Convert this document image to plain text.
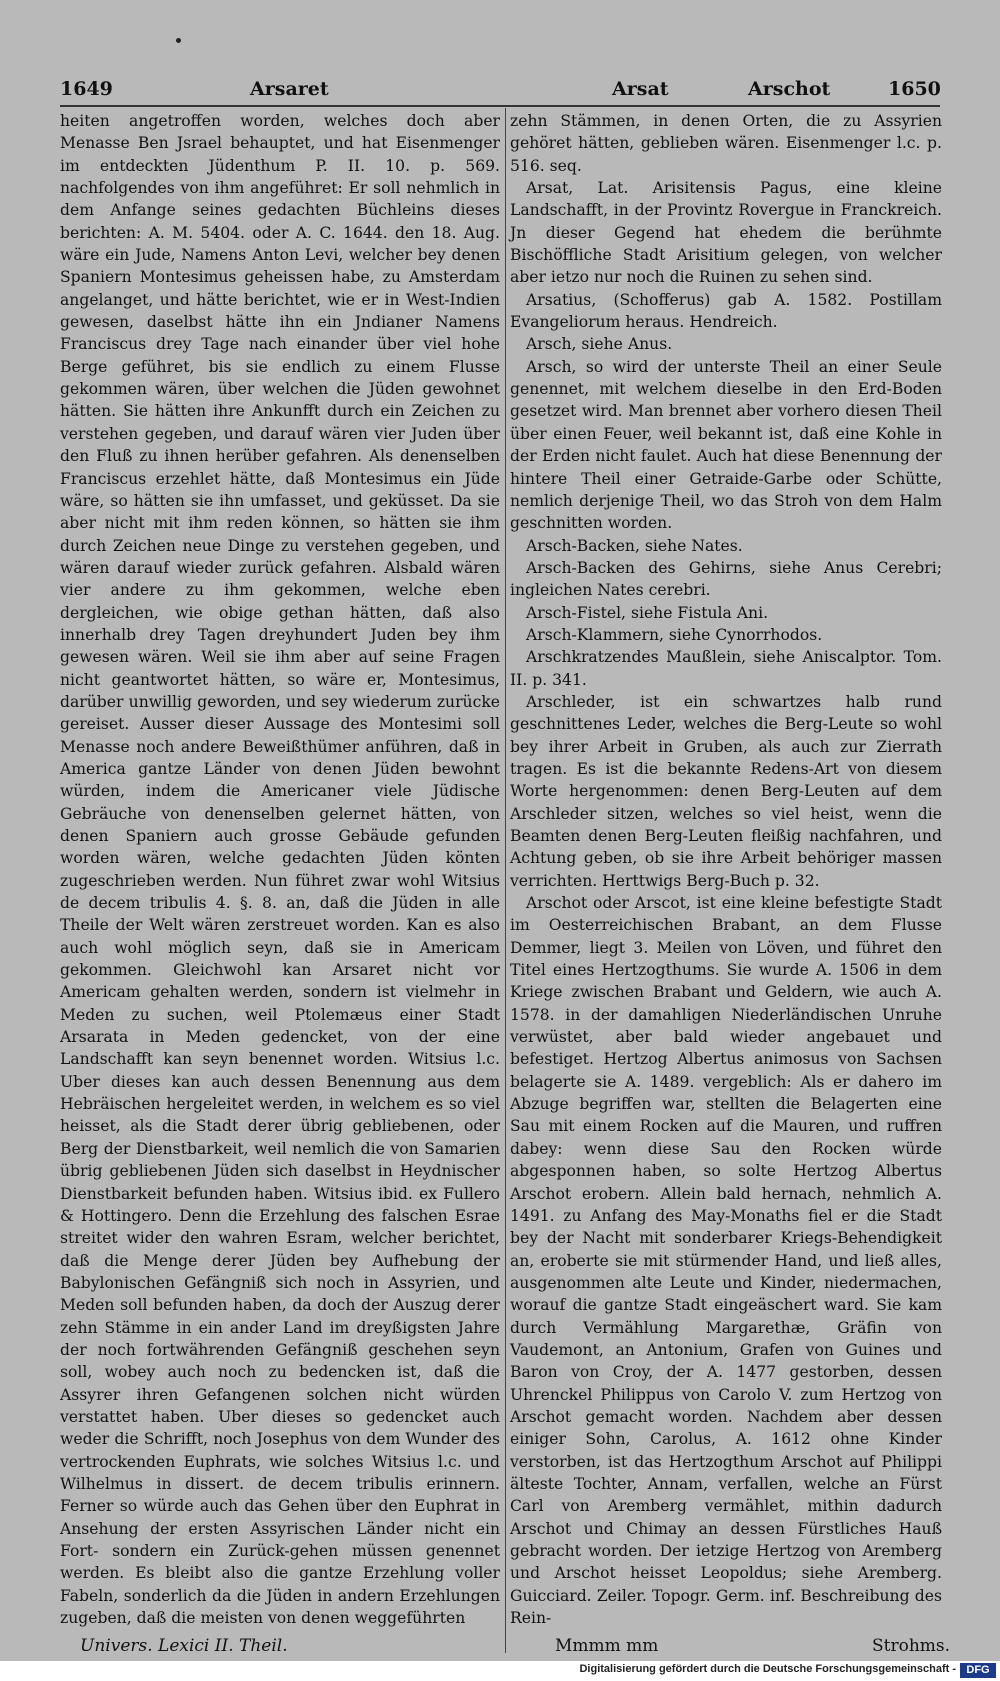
1649	Arsaret	Arsat	Arschot	1650

heiten angetroffen worden, welches doch aber Menasse Ben Jsrael behauptet, und hat Eisenmenger im entdeckten Jüdenthum P. II. 10. p. 569. nachfolgendes von ihm angeführet: Er soll nehmlich in dem Anfange seines gedachten Büchleins dieses berichten: A. M. 5404. oder A. C. 1644. den 18. Aug. wäre ein Jude, Namens Anton Levi, welcher bey denen Spaniern Montesimus geheissen habe, zu Amsterdam angelanget, und hätte berichtet, wie er in West-Indien gewesen, daselbst hätte ihn ein Jndianer Namens Franciscus drey Tage nach einander über viel hohe Berge geführet, bis sie endlich zu einem Flusse gekommen wären, über welchen die Jüden gewohnet hätten. Sie hätten ihre Ankunfft durch ein Zeichen zu verstehen gegeben, und darauf wären vier Juden über den Fluß zu ihnen herüber gefahren. Als denenselben Franciscus erzehlet hätte, daß Montesimus ein Jüde wäre, so hätten sie ihn umfasset, und geküsset. Da sie aber nicht mit ihm reden können, so hätten sie ihm durch Zeichen neue Dinge zu verstehen gegeben, und wären darauf wieder zurück gefahren. Alsbald wären vier andere zu ihm gekommen, welche eben dergleichen, wie obige gethan hätten, daß also innerhalb drey Tagen dreyhundert Juden bey ihm gewesen wären. Weil sie ihm aber auf seine Fragen nicht geantwortet hätten, so wäre er, Montesimus, darüber unwillig geworden, und sey wiederum zurücke gereiset. Ausser dieser Aussage des Montesimi soll Menasse noch andere Beweißthümer anführen, daß in America gantze Länder von denen Jüden bewohnt würden, indem die Americaner viele Jüdische Gebräuche von denenselben gelernet hätten, von denen Spaniern auch grosse Gebäude gefunden worden wären, welche gedachten Jüden könten zugeschrieben werden. Nun führet zwar wohl Witsius de decem tribulis 4. §. 8. an, daß die Jüden in alle Theile der Welt wären zerstreuet worden. Kan es also auch wohl möglich seyn, daß sie in Americam gekommen. Gleichwohl kan Arsaret nicht vor Americam gehalten werden, sondern ist vielmehr in Meden zu suchen, weil Ptolemæus einer Stadt Arsarata in Meden gedencket, von der eine Landschafft kan seyn benennet worden. Witsius l.c. Uber dieses kan auch dessen Benennung aus dem Hebräischen hergeleitet werden, in welchem es so viel heisset, als die Stadt derer übrig gebliebenen, oder Berg der Dienstbarkeit, weil nemlich die von Samarien übrig gebliebenen Jüden sich daselbst in Heydnischer Dienstbarkeit befunden haben. Witsius ibid. ex Fullero & Hottingero. Denn die Erzehlung des falschen Esrae streitet wider den wahren Esram, welcher berichtet, daß die Menge derer Jüden bey Aufhebung der Babylonischen Gefängniß sich noch in Assyrien, und Meden soll befunden haben, da doch der Auszug derer zehn Stämme in ein ander Land im dreyßigsten Jahre der noch fortwährenden Gefängniß geschehen seyn soll, wobey auch noch zu bedencken ist, daß die Assyrer ihren Gefangenen solchen nicht würden verstattet haben. Uber dieses so gedencket auch weder die Schrifft, noch Josephus von dem Wunder des vertrockenden Euphrats, wie solches Witsius l.c. und Wilhelmus in dissert. de decem tribulis erinnern. Ferner so würde auch das Gehen über den Euphrat in Ansehung der ersten Assyrischen Länder nicht ein Fort- sondern ein Zurück-gehen müssen genennet werden. Es bleibt also die gantze Erzehlung voller Fabeln, sonderlich da die Jüden in andern Erzehlungen zugeben, daß die meisten von denen weggeführten

zehn Stämmen, in denen Orten, die zu Assyrien gehöret hätten, geblieben wären. Eisenmenger l.c. p. 516. seq.

Arsat, Lat. Arisitensis Pagus, eine kleine Landschafft, in der Provintz Rovergue in Franckreich. Jn dieser Gegend hat ehedem die berühmte Bischöffliche Stadt Arisitium gelegen, von welcher aber ietzo nur noch die Ruinen zu sehen sind.

Arsatius, (Schofferus) gab A. 1582. Postillam Evangeliorum heraus. Hendreich.

Arsch, siehe Anus.

Arsch, so wird der unterste Theil an einer Seule genennet, mit welchem dieselbe in den Erd-Boden gesetzet wird. Man brennet aber vorhero diesen Theil über einen Feuer, weil bekannt ist, daß eine Kohle in der Erden nicht faulet. Auch hat diese Benennung der hintere Theil einer Getraide-Garbe oder Schütte, nemlich derjenige Theil, wo das Stroh von dem Halm geschnitten worden.

Arsch-Backen, siehe Nates.

Arsch-Backen des Gehirns, siehe Anus Cerebri; ingleichen Nates cerebri.

Arsch-Fistel, siehe Fistula Ani.

Arsch-Klammern, siehe Cynorrhodos.

Arschkratzendes Maußlein, siehe Aniscalptor. Tom. II. p. 341.

Arschleder, ist ein schwartzes halb rund geschnittenes Leder, welches die Berg-Leute so wohl bey ihrer Arbeit in Gruben, als auch zur Zierrath tragen. Es ist die bekannte Redens-Art von diesem Worte hergenommen: denen Berg-Leuten auf dem Arschleder sitzen, welches so viel heist, wenn die Beamten denen Berg-Leuten fleißig nachfahren, und Achtung geben, ob sie ihre Arbeit behöriger massen verrichten. Herttwigs Berg-Buch p. 32.

Arschot oder Arscot, ist eine kleine befestigte Stadt im Oesterreichischen Brabant, an dem Flusse Demmer, liegt 3. Meilen von Löven, und führet den Titel eines Hertzogthums. Sie wurde A. 1506 in dem Kriege zwischen Brabant und Geldern, wie auch A. 1578. in der damahligen Niederländischen Unruhe verwüstet, aber bald wieder angebauet und befestiget. Hertzog Albertus animosus von Sachsen belagerte sie A. 1489. vergeblich: Als er dahero im Abzuge begriffen war, stellten die Belagerten eine Sau mit einem Rocken auf die Mauren, und ruffren dabey: wenn diese Sau den Rocken würde abgesponnen haben, so solte Hertzog Albertus Arschot erobern. Allein bald hernach, nehmlich A. 1491. zu Anfang des May-Monaths fiel er die Stadt bey der Nacht mit sonderbarer Kriegs-Behendigkeit an, eroberte sie mit stürmender Hand, und ließ alles, ausgenommen alte Leute und Kinder, niedermachen, worauf die gantze Stadt eingeäschert ward. Sie kam durch Vermählung Margarethæ, Gräfin von Vaudemont, an Antonium, Grafen von Guines und Baron von Croy, der A. 1477 gestorben, dessen Uhrenckel Philippus von Carolo V. zum Hertzog von Arschot gemacht worden. Nachdem aber dessen einiger Sohn, Carolus, A. 1612 ohne Kinder verstorben, ist das Hertzogthum Arschot auf Philippi älteste Tochter, Annam, verfallen, welche an Fürst Carl von Aremberg vermählet, mithin dadurch Arschot und Chimay an dessen Fürstliches Hauß gebracht worden. Der ietzige Hertzog von Aremberg und Arschot heisset Leopoldus; siehe Aremberg. Guicciard. Zeiler. Topogr. Germ. inf. Beschreibung des Rein-

Univers. Lexici II. Theil.	Mmmm mm	Strohms.
Digitalisierung gefördert durch die Deutsche Forschungsgemeinschaft - DFG
